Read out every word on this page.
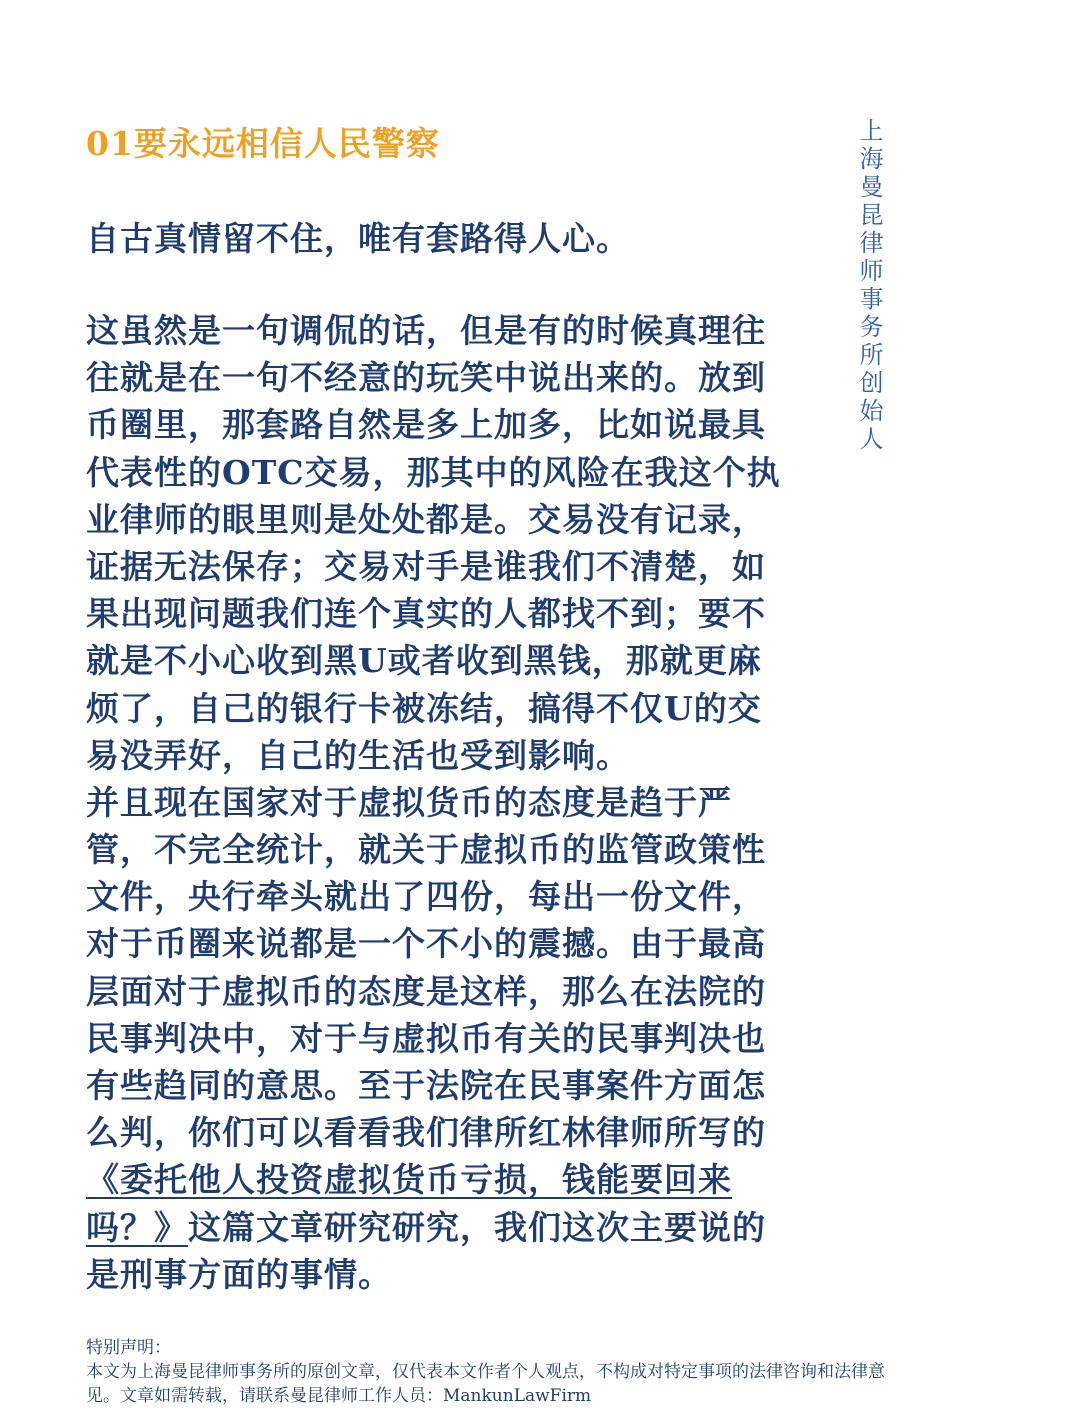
01要永远相信人民警察
自古真情留不住，唯有套路得人心。
这虽然是一句调侃的话，但是有的时候真理往
往就是在一句不经意的玩笑中说出来的。放到
币圈里，那套路自然是多上加多，比如说最具
代表性的OTC交易，那其中的风险在我这个执
业律师的眼里则是处处都是。交易没有记录，
证据无法保存；交易对手是谁我们不清楚，如
果出现问题我们连个真实的人都找不到；要不
就是不小心收到黑U或者收到黑钱，那就更麻
烦了，自己的银行卡被冻结，搞得不仅U的交
易没弄好，自己的生活也受到影响。
并且现在国家对于虚拟货币的态度是趋于严
管，不完全统计，就关于虚拟币的监管政策性
文件，央行牵头就出了四份，每出一份文件，
对于币圈来说都是一个不小的震撼。由于最高
层面对于虚拟币的态度是这样，那么在法院的
民事判决中，对于与虚拟币有关的民事判决也
有些趋同的意思。至于法院在民事案件方面怎
么判，你们可以看看我们律所红林律师所写的
《委托他人投资虚拟货币亏损，钱能要回来
吗？》这篇文章研究研究，我们这次主要说的
是刑事方面的事情。
上海曼昆律师事务所创始人
特别声明：
本文为上海曼昆律师事务所的原创文章，仅代表本文作者个人观点，不构成对特定事项的法律咨询和法律意
见。文章如需转载，请联系曼昆律师工作人员：MankunLawFirm
